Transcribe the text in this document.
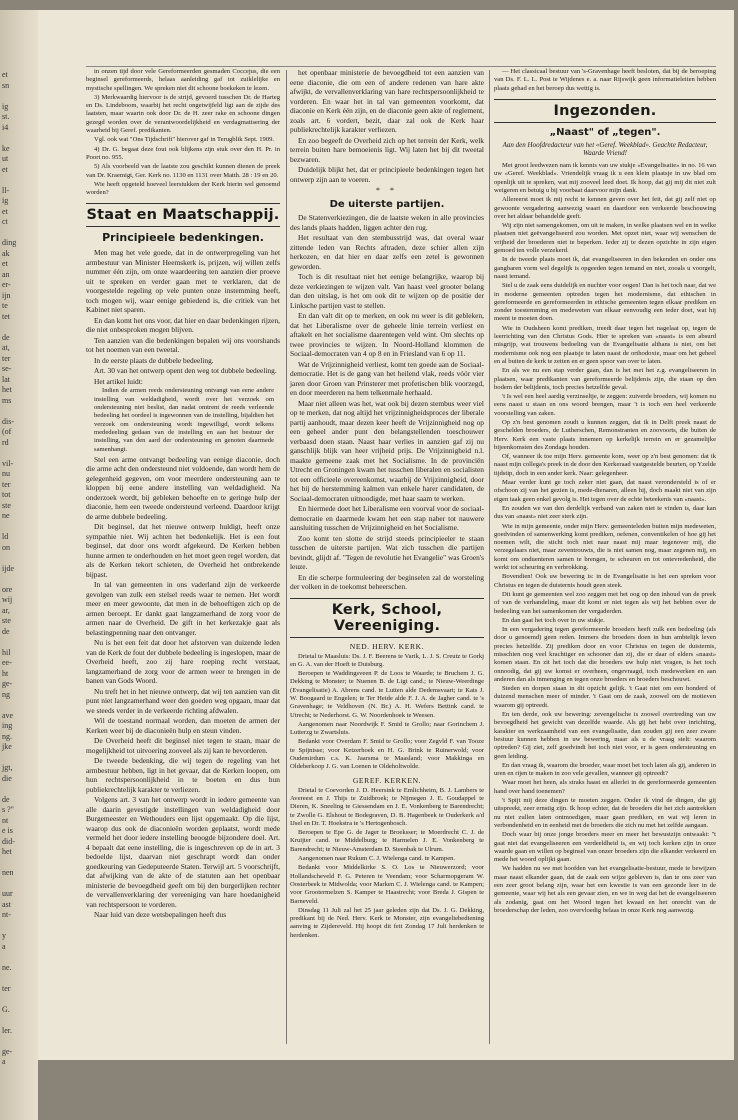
et

sn

ig

st.

i4

ke

ut

et

ll-

ig

et

ct

ding

ak

et

an

er-

ijn

te

tet

de

at,

ter

se-

lat

het

ms

dis-

(of

rd

vil-

nu

ter

tot

ste

ne

ld

on

ijde

ore

wij

ar,

ste

de

hil

ee-

ht

ge-

ng

ave

ing

ng.

jke

jgt,

die

de

s ?"

nt

e is

did-

het

nen

uur

ast

nt-

y

a

ne.

ter

G.

ler.

ge-

a

in onzen tijd door vele Gereformeerden gesmaden Coccejus, die een beginsel gereformeerds, helaas aanleiding gaf tot zuiklelijke en mystische spellingen. We spreken niet dit schoone boekeken te lezen.

3) Merkwaardig hiervoor is de strijd, gevoerd tusschen Dr. de Harteg en Ds. Lindeboom, waarbij het recht ongetwijfeld ligt aan de zijde des laatsten, maar waarin ook door Dr. de H. zeer rake en schoone dingen gezegd worden over de verantwoordelijkheid en verdagmatisering der waarheid bij Geref. predikanten.

Vgl. ook wat "Ons Tijdschrift" hierover gaf in Terugblik Sept. 1909.

4) Dr. G. begaat deze fout ook blijkens zijn stuk over den H. Pr. in Poort no. 955.

5) Als voorbeeld van de laatste zou geschikt kunnen dienen de preek van Dr. Kraemigt, Ger. Kerk no. 1130 en 1131 over Matth. 28 : 19 en 20.

Wie heeft opgeteld hoeveel leerstukken der Kerk hierin wel genoemd worden?

Staat en Maatschappij.
Principieele bedenkingen.

Men mag het vele goede, dat in de ontwerpregeling van het armbestuur van Minister Heemskerk is, prijzen, wij willen zelfs nummer één zijn, om onze waardeering ten aanzien dier proeve uit te spreken en verder gaan met te verklaren, dat de voorgestelde regeling op vele punten onze instemming heeft, toch mogen wij, waar eenige gebiedend is, die critiek van het Kabinet niet sparen.

En dan komt het ons voor, dat hier en daar bedenkingen rijzen, die niet onbesproken mogen blijven.

Ten aanzien van die bedenkingen bepalen wij ons voorshands tot het noemen van een tweetal.

In de eerste plaats de dubbele bedeeling.

Art. 30 van het ontwerp opent den weg tot dubbele bedeeling.

Het artikel luidt:

Indien de armen reeds ondersteuning ontvangt van eene andere instelling van weldadigheid, wordt over het verzoek om ondersteuning niet beslist, dan nadat omtrent de reeds verleende bedeeling het oordeel is ingewonnen van de instelling, bijaldien het verzoek om ondersteuning wordt ingewilligd, wordt telkens mededeeling gedaan van de instelling en aan het bestuur der instelling, van den aard der ondersteuning en genoten daarmede samenhangt.

Stel een arme ontvangt bedeeling van eenige diaconie, doch die arme acht den ondersteund niet voldoende, dan wordt hem de gelegenheid gegeven, om voor meerdere ondersteuning aan te kloppen bij eene andere instelling van weldadigheid. Na onderzoek wordt, bij gebleken behoefte en te geringe hulp der diaconie, hem een tweede ondersteund verleend. Daardoor krijgt de arme dubbele bedeeling.

Dit beginsel, dat het nieuwe ontwerp huldigt, heeft onze sympathie niet. Wij achten het bedenkelijk. Het is een fout beginsel, dat door ons wordt afgekeurd. De Kerken hebben hunne armen te onderhouden en het moet geen regel worden, dat als de Kerken tekort schieten, de Overheid het ontbrekende bijpast.

In tal van gemeenten in ons vaderland zijn de verkeerde gevolgen van zulk een stelsel reeds waar te nemen. Het wordt meer en meer gewoonte, dat men in de behoeftigen zich op de armen beroept. Er dankt gaat langzamerhand de zorg voor de armen naar de Overheid. De gift in het kerkezakje gaat als belastingpenning naar den ontvanger.

Nu is het een feit dat door het afstorven van duizende leden van de Kerk de fout der dubbele bedeeling is ingeslopen, maar de Overheid heeft, zoo zij hare roeping recht verstaat, langzamerhand de zorg voor de armen weer te brengen in de banen van Gods Woord.

Nu treft het in het nieuwe ontwerp, dat wij ten aanzien van dit punt niet langzamerhand weer den goeden weg opgaan, maar dat we steeds verder in de verkeerde richting afdwalen.

Wil de toestand normaal worden, dan moeten de armen der Kerken weer bij de diaconieën hulp en steun vinden.

De Overheid heeft dit beginsel niet tegen te staan, maar de mogelijkheid tot uitvoering zooveel als zij kan te bevorderen.

De tweede bedenking, die wij tegen de regeling van het armbestuur hebben, ligt in het gevaar, dat de Kerken loopen, om hun rechtspersoonlijkheid in te boeten en dus hun publiekrechtelijk karakter te verliezen.

Volgens art. 3 van het ontwerp wordt in iedere gemeente van alle daarin gevestigde instellingen van weldadigheid door Burgemeester en Wethouders een lijst opgemaakt. Op die lijst, waarop dus ook de diaconieën worden geplaatst, wordt mede vermeld het door iedere instelling beoogde bijzondere doel. Art. 4 bepaalt dat eene instelling, die is ingeschreven op de in art. 3 bedoelde lijst, daarvan niet geschrapt wordt dan onder goedkeuring van Gedeputeerde Staten. Terwijl art. 5 voorschrijft, dat afwijking van de akte of de statuten aan het openbaar ministerie de bevoegdheid geeft om bij den burgerlijken rechter de vervallenverklaring der vereeniging van hare hoedanigheid van rechtspersoon te vorderen.

Naar luid van deze wetsbepalingen heeft dus

het openbaar ministerie de bevoegdheid tot een aanzien van eene diaconie, die om een of andere redenen van hare akte afwijkt, de vervallenverklaring van hare rechtspersoonlijkheid te vorderen. En waar het in tal van gemeenten voorkomt, dat diaconie en Kerk één zijn, en de diaconie geen akte of reglement, zoals art. 6 vordert, bezit, daar zal ook de Kerk haar publiekrechtelijk karakter verliezen.

En zoo begeeft de Overheid zich op het terrein der Kerk, welk terrein buiten hare bemoeienis ligt. Wij laten het bij dit tweetal bezwaren.

Duidelijk blijkt het, dat er principieele bedenkingen tegen het ontwerp zijn aan te voeren.

* *
De uiterste partijen.

De Statenverkiezingen, die de laatste weken in alle provincies des lands plaats hadden, liggen achter den rug.

Het resultaat van den stembusstrijd was, dat overal waar zittende leden van Rechts aftraden, deze schier allen zijn herkozen, en dat hier en daar zelfs een zetel is gewonnen geworden.

Toch is dit resultaat niet het eenige belangrijke, waarop bij deze verkiezingen te wijzen valt. Van haast veel grooter belang dan den uitslag, is het om ook dit te wijzen op de positie der Linksche partijen vast te stellen.

En dan valt dit op te merken, en ook nu weer is dit gebleken, dat het Liberalisme over de geheele linie terrein verliest en aftakelt en het socialisme daarentegen veld wint. Om slechts op twee provincies te wijzen. In Noord-Holland klommen de Sociaal-democraten van 4 op 8 en in Friesland van 6 op 11.

Wat de Vrijzinnigheid verliest, komt ten goede aan de Sociaal-democratie. Het is de gang van het heilend vlak, reeds vóór vier jaren door Groen van Prinsterer met profetischen blik voorzegd, en door meerderen na hem telkenmale herhaald.

Maar niet alleen was het, wat ook bij dezen stembus weer viel op te merken, dat nog altijd het vrijzinnigheidsproces der liberale partij aanhoudt, maar dezen keer heeft de Vrijzinnigheid nog op een geheel ander punt den belangstellenden toeschouwer verbaasd doen staan. Naast haar verlies in aanzien gaf zij nu ganschlijk blijk van heer vrijheid prijs. De Vrijzinnigheid n.l. maakte gemeene zaak met het Socialisme. In de provinciën Utrecht en Groningen kwam het tusschen liberalen en socialisten tot een officieele overeenkomst, waarbij de Vrijzinnigheid, door het bij de herstemming kalmen van enkele harer candidaten, de Sociaal-democraten uitnoodigde, met haar saam te werken.

En hiermede doet het Liberalisme een voorval voor de sociaal-democratie en daarmede kwam het een stap naber tot nauwere aansluiting tusschen de Vrijzinnigheid en het Socialisme.

Zoo komt ten slotte de strijd steeds principieeler te staan tusschen de uiterste partijen. Wat zich tusschen die partijen bevindt, glijdt af. "Tegen de revolutie het Evangelie" was Groen's leuze.

En die scherpe formuleering der beginselen zal de worsteling der volken in de toekomst beheerschen.

Kerk, School, Vereeniging.
NED. HERV. KERK.

Drietal te Maasluis: Ds. J. F. Beerens te Varik, L. J. S. Creutz te Gorkj en G. A. van der Hoeft te Duisburg.

Beroepen te Waddingsveen P. de Loos te Waarde; te Bruchem J. G. Dekking te Monster; te Nuenen B. de Ligt cand.; te Nieuw-Weerdinge (Evangelisatie) A. Abrens cand. te Lutten alde Dedemsvaart; te Kats J. W. Boogaard te Engelen; te Ter Heide alde F. J. A. de Jagher cand. te 's Gravenhage; te Veldhoven (N. Br.) A. H. Wefers Bettink cand. te Utrecht; te Nederhorst. G. W. Noordenhoek te Weesen.

Aangenomen naar Noordwijk F. Smid te Grollo; naar Gorinchem J. Lutterzg te Zwartsluis.

Bedankt voor Overdam F. Smid te Grollo; voor Zegvld F. van Tooze te Spijnisse; voor Ketzerhoek en H. G. Brink te Ruinerwold; voor Oudemirdum c.s. K. Jaarsma te Maasland; voor Makkinga en Oldeberkoop J. G. van Loenen te Oldeholtwolde.

GEREF. KERKEN.

Drietal te Coevorden J. D. Heersink te Emlichheim, B. J. Lambers te Avereest en J. Thijs te Zuidbroek; te Nijmegen J. E. Goudappel te Dieren, K. Sneeling te Giessendam en J. E. Vonkenberg te Barendrecht; te Zwolle G. Elshout te Bodegraven, D. B. Hagenbeek te Ouderkerk a/d IJsel en Dr. T. Hoekstra te 's Hertogenbosch.

Beroepen te Epe G. de Jager te Broeksser; te Moerdrecht C. J. de Kruijter cand. te Middelburg; te Harmelen J. E. Vonkenberg te Barendrecht; te Nieuw-Amsterdam D. Steenbak te Ulrum.

Aangenomen naar Rukum C. J. Wielenga cand. te Kampen.

Bedankt voor Middelkirke S. O. Los te Nieuwerzord; voor Hollandscheveld F. G. Peteren te Veendam; voor Scharmopgeram W. Oosterbeek te Midwolda; voor Marken C. J. Wielenga cand. te Kampen; voor Grootermelzen S. Kamper te Haastrecht; voor Breda J. Gispen te Barneveld.

Dinsdag 11 Juli zal het 25 jaar geleden zijn dat Ds. J. G. Dekking, predikant bij de Ned. Herv. Kerk te Monster, zijn evangeliebediening aanving te Zijdereveld. Hij hoopt dit feit Zondag 17 Juli herdenken te herdenken.

— Het classicaal bestuur van 's-Gravenhage heeft besloten, dat bij de beroeping van Ds. F. L. L. Post te Wijdenes e. a. naar Rijswijk geen informatieleiten hebben plaats gehad en het beroep dus wettig is.

Ingezonden.
„Naast" of „tegen".
Aan den Hoofdredacteur van het «Geref. Weekblad». Geachte Redacteur, Waarde Vriend!

Met groot leedwezen nam ik kennis van uw stukje «Evangelisatie» in no. 16 van uw «Geref. Weekblad». Vriendelijk vraag ik u een klein plaatsje in uw blad om openlijk uit te spreken, wat mij zooveel leed doet. Ik hoop, dat gij mij dit niet zult weigeren en betuig u bij voorbaat daarvoor mijn dank.

Allereerst moet ik mij recht te kennen geven over het feit, dat gij zelf niet op gewoonte vergadering aanwezig waart en daardoor een verkeerde beschouwing over het aldaar behandelde geeft.

Wij zijn niet samengekomen, om uit te maken, in welke plaatsen wel en in welke plaatsen niet geëvangeliseerd zou worden. Met opzet niet, waar wij wenschen de vrijheid der broederen niet te beperken. Ieder zij te dezen opzichte in zijn eigen gemoed ten volle verzekerd.

In de tweede plaats moet ik, dat evangeliseeren in den bekenden en onder ons gangbaren vorm wel degelijk is opgeeden tegen iemand en niet, zooals u voorgelt, naast iemand.

Stel u de zaak eens duidelijk en nuchter voor oogen! Dan is het toch naar, dat we in moderne gemeenten optreden tegen het modernisme, dat ethischen in gereformeerde en gereformeerden in ethische gemeenten tegen elkaar prediken en zonder toestemming en medeweten van elkaar eenvoudig een ieder doet, wat hij meent te moeten doen.

Wie in Oudsheen komt prediken, treedt daar tegen het nagelaat op, tegen de leerrichting van den Christus Gods. Hier te spreken van «naast» is een absurd misgrijp, wat trouwens bedoeling van de Evangelisatie althans is niet, om het modernisme ook nog een plaatsje te laten naast de orthodoxie, maar om het geheel en al buiten de kerk te zetten en er geen spoor van over te laten.

En als we nu een stap verder gaan, dan is het met het z.g. evangeliseeren in plaatsen, waar predikanten van gereformeerde belijdenis zijn, die staan op den bodem der belijdenis, toch precies hetzelfde geval.

't Is wel een heel aardig verzinseltje, te zeggen: zuiverde broeders, wij komen nu eens naast u staan en ons woord brengen, maar 't is toch een heel verkeerde voorstelling van zaken.

Op z'n best genomen zoudt u kunnen zeggen, dat ik in Delft preek naast de geschelden broeders, de Lutherschen, Remonstranten en zoovoorts, die buiten de Herv. Kerk een vaste plaats innemen op kerkelijk terrein en er gezamelijke bijeenkomsten des Zondags houden.

Of, wanneer ik toe mijn Herv. gemeente kom, weer op z'n best genomen: dat ik naast mijn collega's preek in de door den Kerkeraad vastgestelde beurten, op Yzelde tijdstip, doch in een ander kerk. Naar: gelegenheer.

Maar verder kunt ge toch zeker niet gaan, dat naast verondersteld is of er ofschoon zij van het gezien is, mede-dienaren, alleen hij, doch maakt niet van zijn eigen taak geen enkel gevolg is. Het tegen over de echte beteekenis van «naast».

En zouden we van den derdelijk verband van zaken niet te vinden is, daar kan dus van «naast» niet zeer sterk zijn.

Wie in mijn gemeente, onder mijn Herv. gemeenteleden buiten mijn medeweten, goedvinden of samenwerking komt prediken, oefenen, conventikelen of hoe gij het noemen wilt, die sticht toch niet naar naast mij maar tegenover mij, die verzegelaars niet, maar zeventrouwts, die is niet samen nog, maar zegenen mij, en komt om onduenteren samen te brengen, te scheuren en tot ontevredenheid, die werkt tot scheuring en verbrokking.

Bovendien! Ook uw bewering is: in de Evangelisatie is het een spreken voor Christus en tegen de duisternis houdt geen steek.

Dit kunt ge gemeenten wel zoo zeggen met het oog op den inhoud van de preek of van de verhandeling, maar dit komt er niet tegen als wij het hebben over de bedeeling van het samenkomen der vergaderden.

En dan gaat het toch over in uw stukje.

In een vergadering tegen gereformeerde broeders heeft zulk een bedoeling (als door u genoemd) geen reden. Immers die broeders doen in hun ambtelijk leven precies hetzelfde. Zij prediken door en voor Christus en tegen de duisternis, misschien nog veel krachtiger en schooner dan zij, die er daar of elders «naast» komen staan. En zit het toch dat die broeders uw hulp niet vragen, is het toch onnoodig, dat gij uw komst er overheen, ongevraagd, toch medewerken en aan anderen dan als inmenging en tegen onze broeders en broeders beschouwt.

Steden en dorpen staan in dit opzicht gelijk. 't Gaat niet om een honderd of duizend menschen meer of minder. 't Gaat om de zaak, zoowel om de motieven waarom gij optreedt.

En ten derde, ook uw bewering: zevengelische is zoowel overtreding van uw bevoegdheid het gewicht van dezelfde waarde. Als gij het hebt over inrichting, karakter en werkzaamheid van een evangelisatie, dan zouden gij een zeer zware bestuur kunnen hebben in uw bewering, maar als u de vraag stelt: waarom optreden? Gij ziet, zelf goedvindt het toch niet voor, er is geen ondersteuning en geen leiding.

En dan vraag ik, waarom die broeder, waar moet het toch laten als gij, anderen in uren en rijen te maken in zoo vele gevallen, wanneer gij optreedt?

Waar moet het heen, als straks haast en allerlei in de gereformeerde gemeenten hand over hand toenemen?

't Spijt mij deze dingen te moeten zeggen. Onder ik vind de dingen, die gij uitspreekt, zeer ernstig zijn. Ik hoop echter, dat de broeders die het zich aantrekken nu niet zullen laten ontmoedigen, maar gaan prediken, en wat wij leren in verbondenheid en in eenheid met de broeders die zich nu met het zelfde aangaan.

Doch waar bij onze jonge broeders meer en meer het bewustzijn ontwaakt: ''t gaat niet dat evangeliseeren een verdeeldheid is, en wij toch kerken zijn in onze waarde gaan en willen op beginsel van onzer broeders zijn die elkander verkeerd en mede het woord oplijkt gaan.

We hadden nu we met hoofden van het evangelisatie-bestuur, mede te bewijzen maar naast elkander gaan, dat de zaak een wijze gebleven is, dan te ons zeer van een zeer groot belang zijn, waar het een kwestie is van een gezonde leer in de gemeente, waar wij het als een gevaar zien, en we in weg dat het de evangeliseeren als zodanig, gaat om het Woord tegen het kwaad en het onrecht van de broederschap der leden, zoo overvloedig belaas in onze Kerk nog aanwezig.
